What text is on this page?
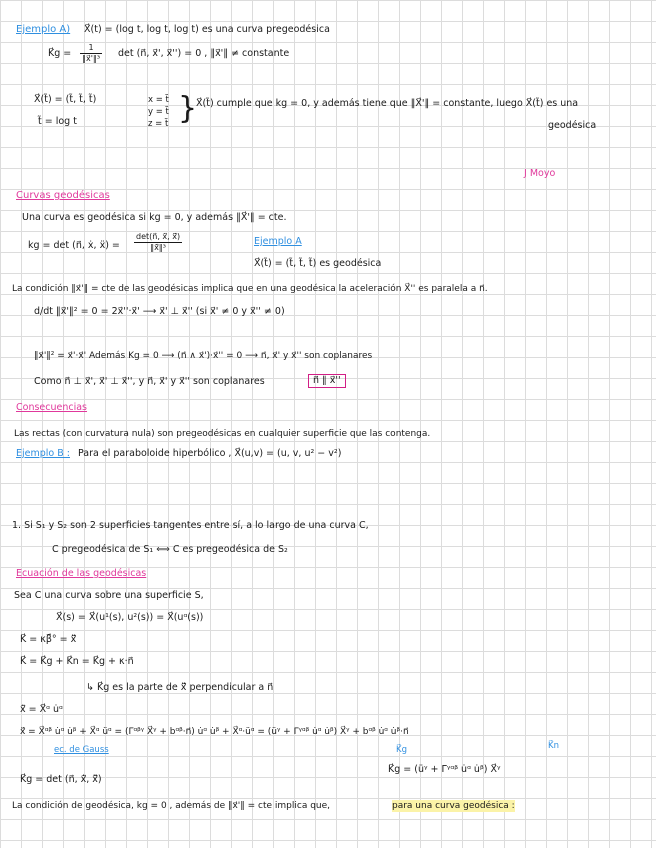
Ejemplo A) X⃗(t) = (log t, log t, log t) es una curva pregeodésica
K⃗g = $\frac{1}{\text{‖x⃗'‖³}}$ det (n⃗, x⃗', x⃗'') = 0 , ‖x⃗'‖ ≠ constante
X⃗(t̃) = (t̃, t̃, t̃)
t̃ = log t
x = t̃
y = t̃
z = t̃ }
X⃗(t̃) cumple que kg = 0, y además tiene que ‖X⃗'‖ = constante, luego X⃗(t̃) es una
geodésica
J Moyo
Curvas geodésicas
Una curva es geodésica si kg = 0, y además ‖X⃗'‖ = cte.
kg = det (n⃗, ẋ, ẍ) =
det(n⃗, ẋ⃗, ẍ⃗)
‖ẋ⃗‖³
Ejemplo A
X⃗(t̃) = (t̃, t̃, t̃) es geodésica
La condición ‖x⃗'‖ = cte de las geodésicas implica que en una geodésica la aceleración X⃗'' es paralela a n⃗.
d/dt ‖x⃗'‖² = 0 = 2x⃗''·x⃗' ⟶ x⃗' ⊥ x⃗'' (si x⃗' ≠ 0 y x⃗'' ≠ 0)
‖x⃗'‖² = x⃗'·x⃗' Además Kg = 0 ⟶ (n⃗ ∧ x⃗')·x⃗'' = 0 ⟶ n⃗, x⃗' y x⃗'' son coplanares
Como n⃗ ⊥ x⃗', x⃗' ⊥ x⃗'', y n⃗, x⃗' y x⃗'' son coplanares	n⃗ ∥ x⃗''
Consecuencias
Las rectas (con curvatura nula) son pregeodésicas en cualquier superficie que las contenga.
Ejemplo B : Para el paraboloide hiperbólico , X⃗(u,v) = (u, v, u² − v²)
1. Si S₁ y S₂ son 2 superficies tangentes entre sí, a lo largo de una curva C,
C pregeodésica de S₁ ⟺ C es pregeodésica de S₂
Ecuación de las geodésicas
Sea C una curva sobre una superficie S,
X⃗(s) = X⃗(u¹(s), u²(s)) = X⃗(uᵅ(s))
K⃗ = κβ⃗° = ẍ⃗
K⃗ = K⃗g + K⃗n = K⃗g + κ·n⃗
↳ K⃗g es la parte de ẍ⃗ perpendicular a n⃗
ẋ⃗ = X⃗ᵅ u̇ᵅ
ẍ⃗ = X⃗ᵅᵝ u̇ᵅ u̇ᵝ + X⃗ᵅ üᵅ = (Γᵅᵝᵞ X⃗ᵞ + bᵅᵝ·n⃗) u̇ᵅ u̇ᵝ + X⃗ᵅ·üᵅ = (üᵞ + Γᵞᵅᵝ u̇ᵅ u̇ᵝ) X⃗ᵞ + bᵅᵝ u̇ᵅ u̇ᵝ·n⃗
ec. de Gauss	K⃗g	K⃗n
K⃗g = det (n⃗, ẋ⃗, ẍ⃗)
K⃗g = (üᵞ + Γᵞᵅᵝ u̇ᵅ u̇ᵝ) X⃗ᵞ
La condición de geodésica, kg = 0 , además de ‖x⃗'‖ = cte implica que,	para una curva geodésica :
